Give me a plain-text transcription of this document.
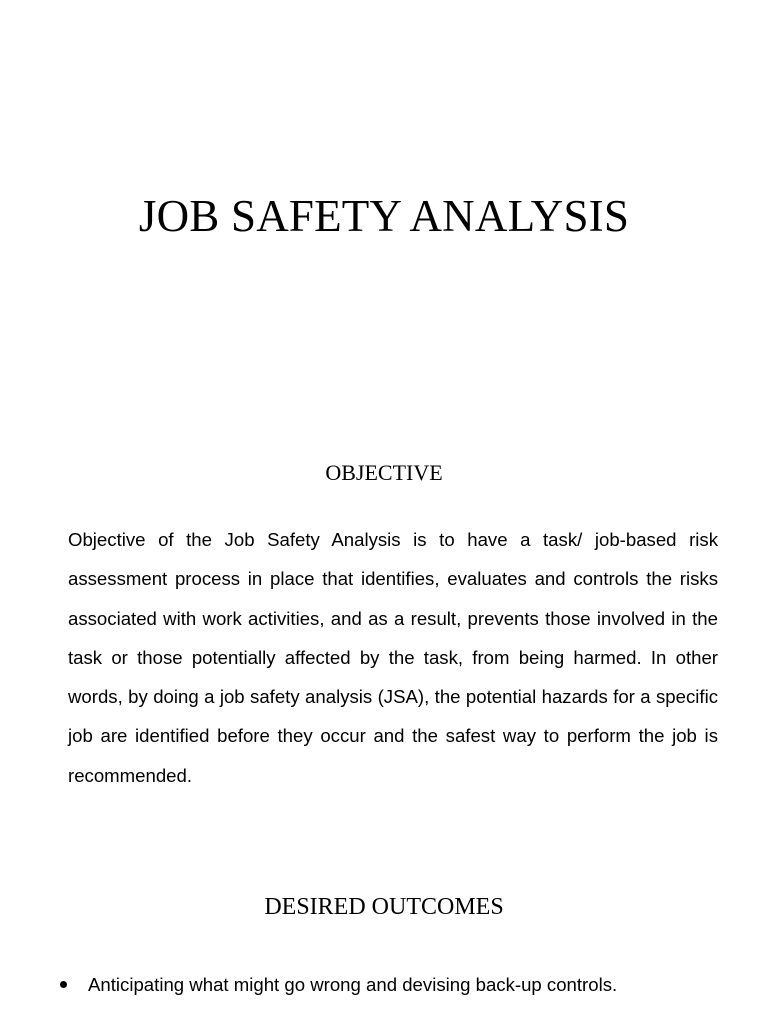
JOB SAFETY ANALYSIS
OBJECTIVE

Objective of the Job Safety Analysis is to have a task/ job-based risk assessment process in place that identifies, evaluates and controls the risks associated with work activities, and as a result, prevents those involved in the task or those potentially affected by the task, from being harmed. In other words, by doing a job safety analysis (JSA), the potential hazards for a specific job are identified before they occur and the safest way to perform the job is recommended.

DESIRED OUTCOMES
Anticipating what might go wrong and devising back-up controls.
